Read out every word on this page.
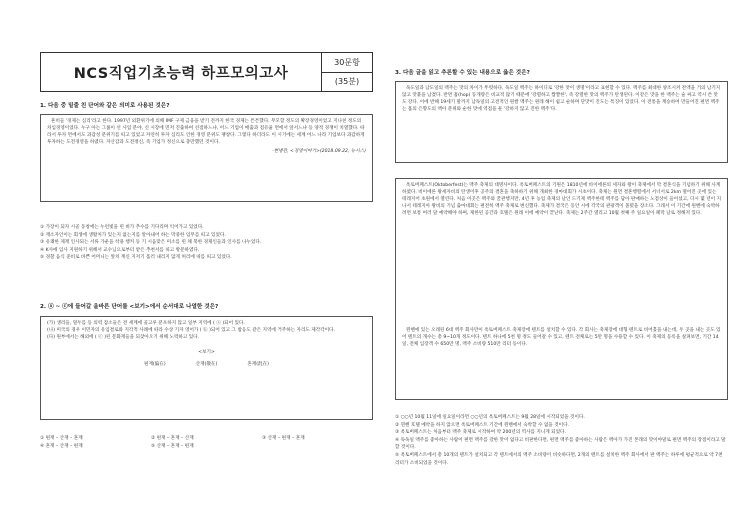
NCS직업기초능력 하프모의고사
30문항
(35분)
1. 다음 중 밑줄 친 단어와 같은 의미로 사용된 것은?

흔히들 '경제는 심리'라고 한다. 1997년 외환위기에 의해 IMF 구제 금융을 받기 전까지 한국 경제는 튼튼했다. 무모할 정도의 확장경영이었고 지나친 정도의 차입경영이었다. 누구 아는 그룹이 선 사업 분야, 신 시장에 먼저 진출하여 선점하느냐, 어느 기업이 매출과 점유율 면에서 앞서느냐 등 양적 경쟁이 치열했다. 따라서 투자 면에서도 과감성 분위기를 띠고 있었고 자연히 투자 심리도 인한 경영 분위도 팽창다. 그렇다 하더라도 이 시기에는 세계 어느 나라 기업보다 과감하게 투자하는 도전경영을 하였다. 자산감과 도전정신, 즉 기업가 정신으로 충만했던 것이다.

-현병관, <경영이야기>(2018.09.22, 뉴시스)
① 가장이 되자 시골 동창에는 누런빛을 띤 벼가 추수를 기다리며 익어가고 있었다.
② 재소자인이는 회생에 생활처가 있는지 없는지를 알아내어 하는 막중한 임무를 띠고 있었다.
③ 유쾌한 제재 인사되는 서류 가운을 착용 행커 등 기 시음맞은 미소를 띤 채 북한 경제인들과 인사를 나누었다.
④ K사에 입사 지원하기 위해서 교수님으로부터 받은 추천서를 띠고 방문하였다.
⑤ 경찰 음식 준비로 바쁜 어머니는 앞치 계신 지저기 흘러 내리지 않게 허리에 띠를 띠고 있었다.
2. ⓐ ~ ⓒ에 들어갈 올바른 단어를 <보기>에서 순서대로 나열한 것은?
(가) 생리들, 멀두를 등 의력 잠소들은 전 세계에 골고루 분포하지 않고 일부 지역에 ( ⓐ )되어 있다.
(나) 미국의 경우 이민자의 유입결로와 지각적 사례에 따라 수상 기자 영어가 ( ⓑ )되어 있고 그 밤응도 같은 지역에 거주하는 자리도 제각각이다.
(다) 원부에서는 해외에 ( ⓒ )된 문화재들을 되찾아오기 위해 노력하고 있다.
<보기>
편재(偏在)	산재(散在)	혼재(混在)
① 편재 – 산재 – 혼재	② 편재 – 혼재 – 산재	③ 산재 – 편재 – 혼재
④ 혼재 – 산재 – 편재	⑤ 산재 – 혼재 – 편재
3. 다음 글을 읽고 추론할 수 있는 내용으로 옳은 것은?

독도일과 남도일의 맥주는 맛의 차이가 뚜렷하다. 독도일 맥주는 하이디로 '강한 맛이 생명'이라고 표현할 수 있다. 맥주를 최대한 양조시켜 잔액을 거의 남기지 않고 맛붙을 남겼다. 반면 홉(hop) 동개량은 비교적 많기 때문에 '강렬하고 짭짤한', 즉 강렬한 맛의 맥주가 탄생된다. 이같은 맛을 한 맥주는 술 싸고 역시 쓴 맛도 강다. 이에 반해 19세기 말까지 남독일의 고전적인 원쌀 맥주는 원래 해이 쉽고 순하며 단맛이 진도는 특징이 있었다. 이 전통을 계승하여 만들어진 편면 맥주는 홉의 은향도의 맥아 분위와 순한 맛에 역점을 둔 '강하지 않고 진한 맥주'다.

옥토버페스트(Oktoberfest)는 맥주 축제의 대명사이다. 옥토버페스트의 기원은 1810년에 바이에른의 세자와 왕이 축제에서 막 결혼식을 기념하기 위해 사계하였다. 비이에른 왕세자비의 탄생이후 공주의 결혼을 축하하기 위해 개최한 경마대회가 시초이다. 축제는 원면 결혼행렬에서 서너서로 2km 떨어진 곳에 있는 테레지어 초원에서 열린다. 처음 이곳은 맥주와 꿀관행지만, 4년 후 농업 축제의 날인 드기제 맥주한테 맥주를 담아 판매하는 노점상이 들어섰고, 디시 몇 년이 지나서 테레지아 왕비의 기념 출마대회는 편전히 맥주 축제로 변신했다. 축제가 결국은 동안 시에 각국의 관광객이 몰렸을 장소다. 그래서 이 기간에 원벤에 숙박하려면 보통 여러 달 예약해야 하며, 제한된 공간과 호텔은 원래 이에 예약이 끝난다. 축제는 2주간 열리고 10월 첫째 주 일요일이 폐막 날로 정해져 있다.

뮌헨에 있는 오래된 6대 맥주 회사만이 옥토버페스트 축제장에 텐트를 설치할 수 있다. 각 회사는 축제장에 대형 텐트로 비어홀을 내는데, 두 곳을 내는 곳도 있어 텐트의 개수는 총 9~10개 정도이다. 텐트 하나에 5천 명 정도 들어갈 수 있고, 텐트 전체로는 5만 명을 수용할 수 있다. 이 축제의 등록을 살펴보면, 기간 14일, 전체 입장객 수 650만 명, 맥주 소비량 510만 리터 등이다.

① ○○년 10월 11일에 일요일이라면 ○○년의 옥토버페스트는 9월 28일에 시작되었을 것이다.
② 뮌헨 호텔 예약을 하지 않으면 옥토버페스트 기간에 뮌헨에서 숙박할 수 없을 것이다.
③ 옥토버페스트는 처음부터 맥주 축제로 시작하여 약 200년의 역사를 지니게 되었다.
④ 독독일 맥주를 좋아하는 사람이 편면 맥주를 강한 맛이 없다고 비판한다면, 편면 맥주를 좋아하는 사람은 맥아가 가진 본래의 맛이야말로 편면 맥주의 장점이라고 말할 것이다.
⑤ 옥토버페스트에서 총 10개의 텐트가 설치되고 각 텐트에서의 맥주 소비량이 비슷하다면, 2개의 텐트를 설치한 맥주 회사에서 판 맥주는 하루에 평균적으로 약 7천 리터가 소비되었을 것이다.
